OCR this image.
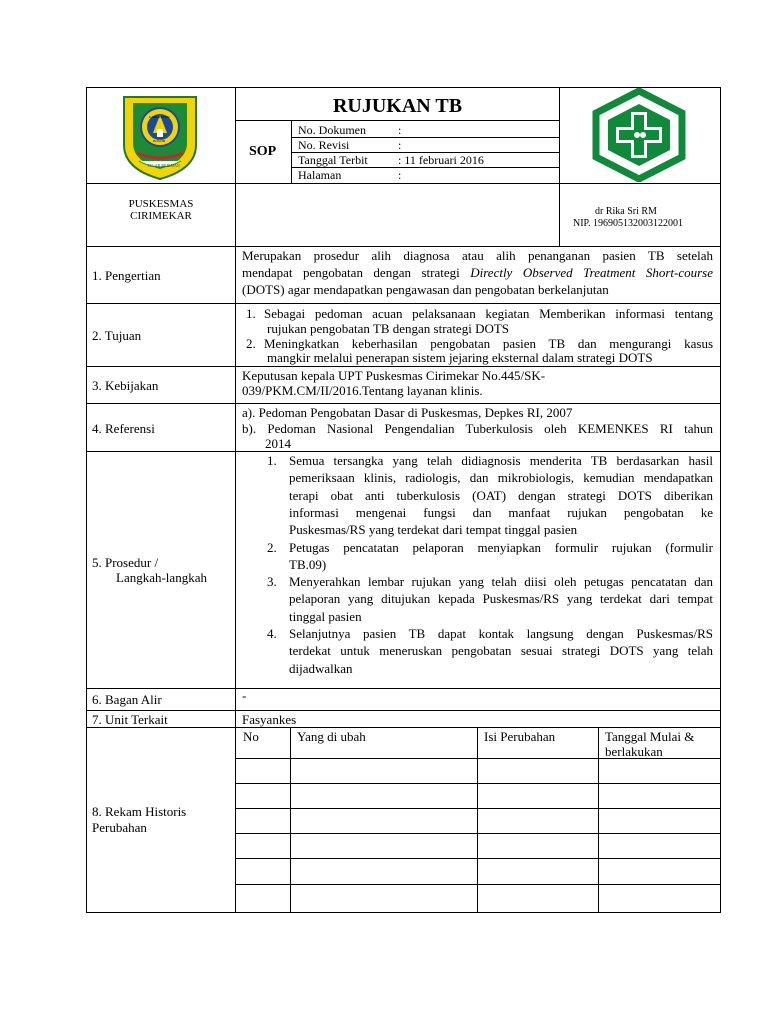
KABUPATEN
BOGOR
TEGAR BERIMAN
RUJUKAN TB
SOP
No. Dokumen	:
No. Revisi	:
Tanggal Terbit	: 11 februari 2016
Halaman	:
PUSKESMAS
CIRIMEKAR	dr Rika Sri RM
NIP. 196905132003122001
1. Pengertian
Merupakan prosedur alih diagnosa atau alih penanganan pasien TB setelah
mendapat pengobatan dengan strategi Directly Observed Treatment Short-course
(DOTS) agar mendapatkan pengawasan dan pengobatan berkelanjutan
2. Tujuan
1. Sebagai pedoman acuan pelaksanaan kegiatan Memberikan informasi tentang
rujukan pengobatan TB dengan strategi DOTS
2. Meningkatkan keberhasilan pengobatan pasien TB dan mengurangi kasus
mangkir melalui penerapan sistem jejaring eksternal dalam strategi DOTS
3. Kebijakan
Keputusan kepala UPT Puskesmas Cirimekar No.445/SK-
039/PKM.CM/II/2016.Tentang layanan klinis.
4. Referensi
a). Pedoman Pengobatan Dasar di Puskesmas, Depkes RI, 2007
b). Pedoman Nasional Pengendalian Tuberkulosis oleh KEMENKES RI tahun
2014
5. Prosedur /
Langkah-langkah
1. Semua tersangka yang telah didiagnosis menderita TB berdasarkan hasil
pemeriksaan klinis, radiologis, dan mikrobiologis, kemudian mendapatkan
terapi obat anti tuberkulosis (OAT) dengan strategi DOTS diberikan
informasi mengenai fungsi dan manfaat rujukan pengobatan ke
Puskesmas/RS yang terdekat dari tempat tinggal pasien
2. Petugas pencatatan pelaporan menyiapkan formulir rujukan (formulir
TB.09)
3. Menyerahkan lembar rujukan yang telah diisi oleh petugas pencatatan dan
pelaporan yang ditujukan kepada Puskesmas/RS yang terdekat dari tempat
tinggal pasien
4. Selanjutnya pasien TB dapat kontak langsung dengan Puskesmas/RS
terdekat untuk meneruskan pengobatan sesuai strategi DOTS yang telah
dijadwalkan
6. Bagan Alir	-
7. Unit Terkait	Fasyankes
8. Rekam Historis
Perubahan
No	Yang di ubah	Isi Perubahan	Tanggal Mulai &
berlakukan
